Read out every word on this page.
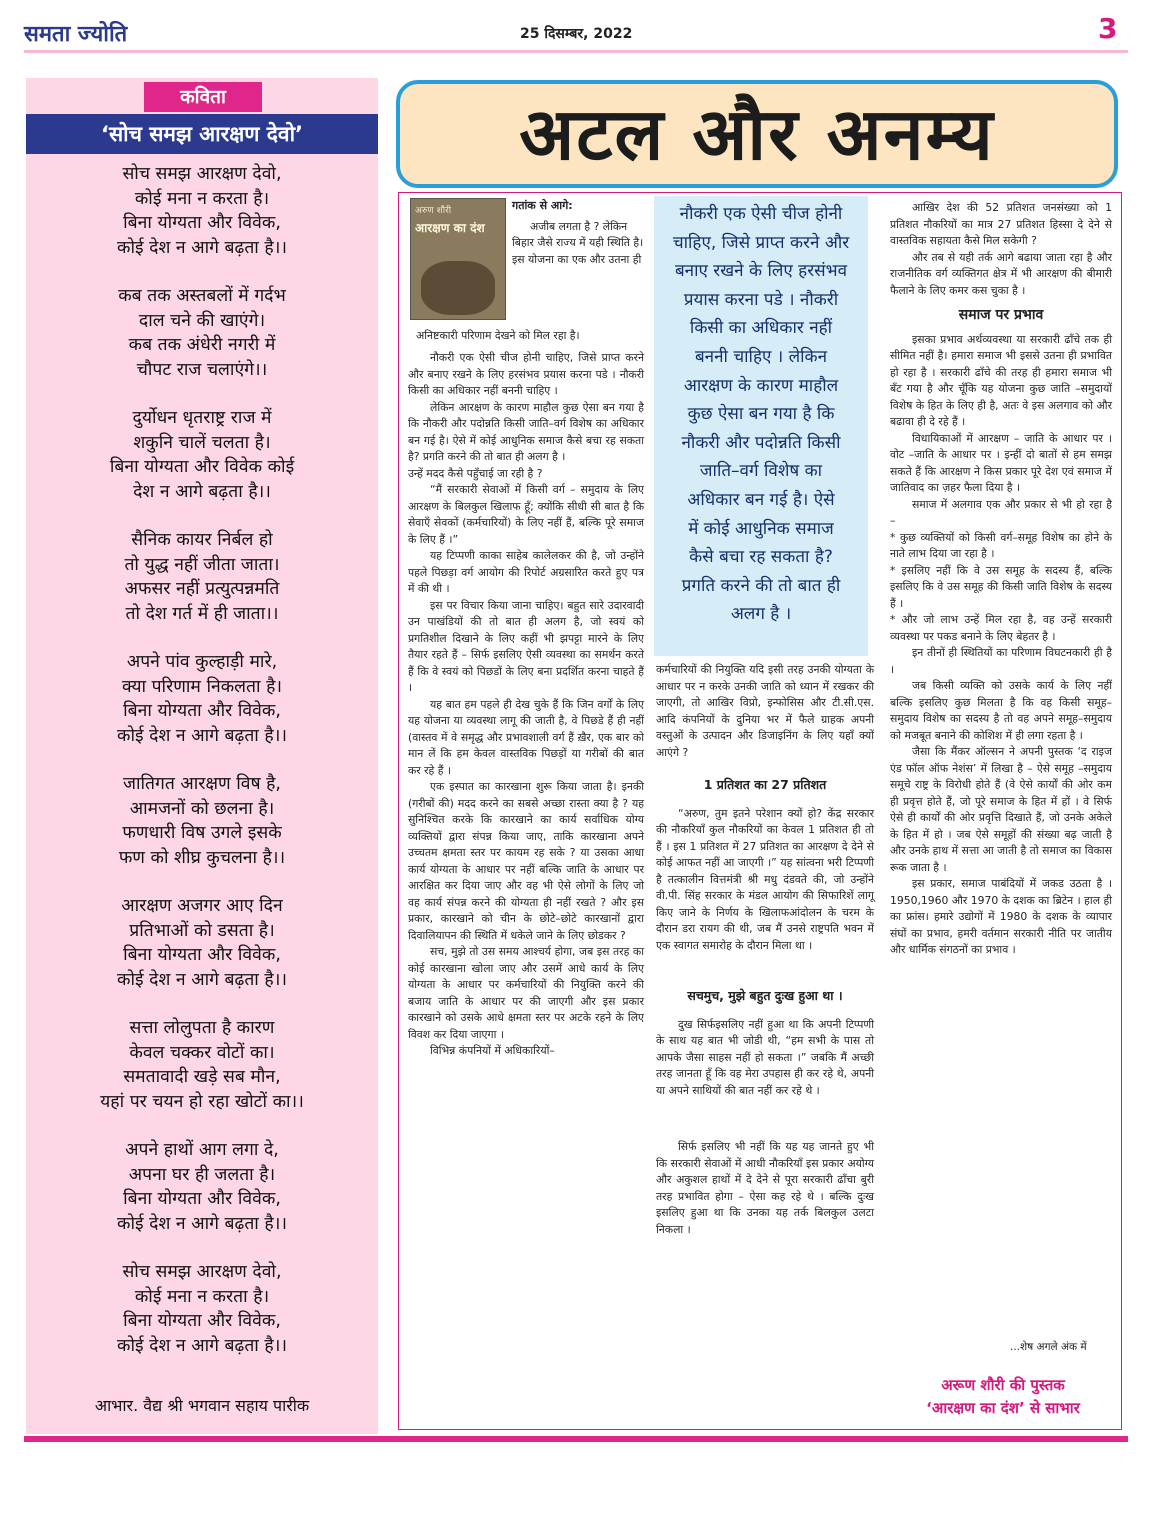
समता ज्योति	25 दिसम्बर, 2022	3
कविता
‘सोच समझ आरक्षण देवो’
सोच समझ आरक्षण देवो,
कोई मना न करता है।
बिना योग्यता और विवेक,
कोई देश न आगे बढ़ता है।।
कब तक अस्तबलों में गर्दभ
दाल चने की खाएंगे।
कब तक अंधेरी नगरी में
चौपट राज चलाएंगे।।
दुर्योधन धृतराष्ट्र राज में
शकुनि चालें चलता है।
बिना योग्यता और विवेक कोई
देश न आगे बढ़ता है।।
सैनिक कायर निर्बल हो
तो युद्ध नहीं जीता जाता।
अफसर नहीं प्रत्युत्पन्नमति
तो देश गर्त में ही जाता।।
अपने पांव कुल्हाड़ी मारे,
क्या परिणाम निकलता है।
बिना योग्यता और विवेक,
कोई देश न आगे बढ़ता है।।
जातिगत आरक्षण विष है,
आमजनों को छलना है।
फणधारी विष उगले इसके
फण को शीघ्र कुचलना है।।
आरक्षण अजगर आए दिन
प्रतिभाओं को डसता है।
बिना योग्यता और विवेक,
कोई देश न आगे बढ़ता है।।
सत्ता लोलुपता है कारण
केवल चक्कर वोटों का।
समतावादी खड़े सब मौन,
यहां पर चयन हो रहा खोटों का।।
अपने हाथों आग लगा दे,
अपना घर ही जलता है।
बिना योग्यता और विवेक,
कोई देश न आगे बढ़ता है।।
सोच समझ आरक्षण देवो,
कोई मना न करता है।
बिना योग्यता और विवेक,
कोई देश न आगे बढ़ता है।।
आभार. वैद्य श्री भगवान सहाय पारीक
अटल और अनम्य
अरुण शौरी
आरक्षण का दंश
गतांक से आगे:

अजीब लगता है ? लेकिन बिहार जैसे राज्य में यही स्थिति है। इस योजना का एक और उतना ही

अनिष्टकारी परिणाम देखने को मिल रहा है।

नौकरी एक ऐसी चीज होनी चाहिए, जिसे प्राप्त करने और बनाए रखने के लिए हरसंभव प्रयास करना पडे । नौकरी किसी का अधिकार नहीं बननी चाहिए ।

लेकिन आरक्षण के कारण माहौल कुछ ऐसा बन गया है कि नौकरी और पदोन्नति किसी जाति–वर्ग विशेष का अधिकार बन गई है। ऐसे में कोई आधुनिक समाज कैसे बचा रह सकता है? प्रगति करने की तो बात ही अलग है ।

उन्हें मदद कैसे पहुँचाई जा रही है ?

“मैं सरकारी सेवाओं में किसी वर्ग – समुदाय के लिए आरक्षण के बिलकुल खिलाफ हूँ; क्योंकि सीधी सी बात है कि सेवाएँ सेवकों (कर्मचारियों) के लिए नहीं हैं, बल्कि पूरे समाज के लिए हैं ।”

यह टिप्पणी काका साहेब कालेलकर की है, जो उन्होंने पहले पिछड़ा वर्ग आयोग की रिपोर्ट अग्रसारित करते हुए पत्र में की थी ।

इस पर विचार किया जाना चाहिए। बहुत सारे उदारवादी उन पाखंडियों की तो बात ही अलग है, जो स्वयं को प्रगतिशील दिखाने के लिए कहीं भी झपट्टा मारने के लिए तैयार रहते हैं – सिर्फ इसलिए ऐसी व्यवस्था का समर्थन करते हैं कि वे स्वयं को पिछडों के लिए बना प्रदर्शित करना चाहते हैं ।

यह बात हम पहले ही देख चुके हैं कि जिन वर्गों के लिए यह योजना या व्यवस्था लागू की जाती है, वे पिछडे हैं ही नहीं (वास्तव में वे समृद्ध और प्रभावशाली वर्ग हैं ख़ैर, एक बार को मान लें कि हम केवल वास्तविक पिछड़ों या गरीबों की बात कर रहे हैं ।

एक इस्पात का कारखाना शुरू किया जाता है। इनकी (गरीबों की) मदद करने का सबसे अच्छा रास्ता क्या है ? यह सुनिश्चित करके कि कारखाने का कार्य सर्वाधिक योग्य व्यक्तियों द्वारा संपन्न किया जाए, ताकि कारखाना अपने उच्चतम क्षमता स्तर पर कायम रह सके ? या उसका आधा कार्य योग्यता के आधार पर नहीं बल्कि जाति के आधार पर आरक्षित कर दिया जाए और वह भी ऐसे लोगों के लिए जो वह कार्य संपन्न करने की योग्यता ही नहीं रखते ? और इस प्रकार, कारखाने को चीन के छोटे–छोटे कारखानों द्वारा दिवालियापन की स्थिति में धकेले जाने के लिए छोडकर ?

सच, मुझे तो उस समय आश्चर्य होगा, जब इस तरह का कोई कारखाना खोला जाए और उसमें आधे कार्य के लिए योग्यता के आधार पर कर्मचारियों की नियुक्ति करने की बजाय जाति के आधार पर की जाएगी और इस प्रकार कारखाने को उसके आधे क्षमता स्तर पर अटके रहने के लिए विवश कर दिया जाएगा ।

विभिन्न कंपनियों में अधिकारियों–

नौकरी एक ऐसी चीज होनी
चाहिए, जिसे प्राप्त करने और
बनाए रखने के लिए हरसंभव
प्रयास करना पडे । नौकरी
किसी का अधिकार नहीं
बननी चाहिए । लेकिन
आरक्षण के कारण माहौल
कुछ ऐसा बन गया है कि
नौकरी और पदोन्नति किसी
जाति–वर्ग विशेष का
अधिकार बन गई है। ऐसे
में कोई आधुनिक समाज
कैसे बचा रह सकता है?
प्रगति करने की तो बात ही
अलग है ।

कर्मचारियों की नियुक्ति यदि इसी तरह उनकी योग्यता के आधार पर न करके उनकी जाति को ध्यान में रखकर की जाएगी, तो आखिर विप्रो, इन्फोसिस और टी.सी.एस. आदि कंपनियों के दुनिया भर में फैले ग्राहक अपनी वस्तुओं के उत्पादन और डिजाइनिंग के लिए यहाँ क्यों आएंगे ?

1 प्रतिशत का 27 प्रतिशत

“अरुण, तुम इतने परेशान क्यों हो? केंद्र सरकार की नौकरियाँ कुल नौकरियों का केवल 1 प्रतिशत ही तो हैं । इस 1 प्रतिशत में 27 प्रतिशत का आरक्षण दे देने से कोई आफत नहीं आ जाएगी ।” यह सांत्वना भरी टिप्पणी है तत्कालीन वित्तमंत्री श्री मधु दंडवते की, जो उन्होंने वी.पी. सिंह सरकार के मंडल आयोग की सिफारिशें लागू किए जाने के निर्णय के खिलाफआंदोलन के चरम के दौरान डरा रायग की थी, जब मैं उनसे राष्ट्रपति भवन में एक स्वागत समारोह के दौरान मिला था ।

सचमुच, मुझे बहुत दुःख हुआ था ।

दुख सिर्फइसलिए नहीं हुआ था कि अपनी टिप्पणी के साथ यह बात भी जोडी थी, “हम सभी के पास तो आपके जैसा साहस नहीं हो सकता ।” जबकि मैं अच्छी तरह जानता हूँ कि वह मेरा उपहास ही कर रहे थे, अपनी या अपने साथियों की बात नहीं कर रहे थे ।

सिर्फ इसलिए भी नहीं कि यह यह जानते हुए भी कि सरकारी सेवाओं में आधी नौकरियाँ इस प्रकार अयोग्य और अकुशल हाथों में दे देने से पूरा सरकारी ढाँचा बुरी तरह प्रभावित होगा – ऐसा कह रहे थे । बल्कि दुःख इसलिए हुआ था कि उनका यह तर्क बिलकुल उलटा निकला ।

आखिर देश की 52 प्रतिशत जनसंख्या को 1 प्रतिशत नौकरियों का मात्र 27 प्रतिशत हिस्सा दे देने से वास्तविक सहायता कैसे मिल सकेगी ?

और तब से यही तर्क आगे बढाया जाता रहा है और राजनीतिक वर्ग व्यक्तिगत क्षेत्र में भी आरक्षण की बीमारी फैलाने के लिए कमर कस चुका है ।

समाज पर प्रभाव

इसका प्रभाव अर्थव्यवस्था या सरकारी ढाँचे तक ही सीमित नहीं है। हमारा समाज भी इससे उतना ही प्रभावित हो रहा है । सरकारी ढाँचे की तरह ही हमारा समाज भी बँट गया है और चूँकि यह योजना कुछ जाति –समुदायों विशेष के हित के लिए ही है, अतः वे इस अलगाव को और बढावा ही दे रहे हैं ।

विधायिकाओं में आरक्षण – जाति के आधार पर । वोट –जाति के आधार पर । इन्हीं दो बातों से हम समझ सकते हैं कि आरक्षण ने किस प्रकार पूरे देश एवं समाज में जातिवाद का ज़हर फैला दिया है ।

समाज में अलगाव एक और प्रकार से भी हो रहा है –

* कुछ व्यक्तियों को किसी वर्ग–समूह विशेष का होने के नाते लाभ दिया जा रहा है ।

* इसलिए नहीं कि वे उस समूह के सदस्य हैं, बल्कि इसलिए कि वे उस समूह की किसी जाति विशेष के सदस्य हैं ।

* और जो लाभ उन्हें मिल रहा है, वह उन्हें सरकारी व्यवस्था पर पकड बनाने के लिए बेहतर है ।

इन तीनों ही स्थितियों का परिणाम विघटनकारी ही है ।

जब किसी व्यक्ति को उसके कार्य के लिए नहीं बल्कि इसलिए कुछ मिलता है कि वह किसी समूह–समुदाय विशेष का सदस्य है तो वह अपने समूह–समुदाय को मजबूत बनाने की कोशिश में ही लगा रहता है ।

जैसा कि मैंकर ऑल्सन ने अपनी पुस्तक ‘द राइज एंड फॉल ऑफ नेशंस’ में लिखा है – ऐसे समूह –समुदाय समूचे राष्ट्र के विरोधी होते हैं (वे ऐसे कार्यों की ओर कम ही प्रवृत्त होते हैं, जो पूरे समाज के हित में हों । वे सिर्फ ऐसे ही कार्यों की ओर प्रवृत्ति दिखाते हैं, जो उनके अकेले के हित में हो । जब ऐसे समूहों की संख्या बढ़ जाती है और उनके हाथ में सत्ता आ जाती है तो समाज का विकास रूक जाता है ।

इस प्रकार, समाज पाबंदियों में जकड उठता है । 1950,1960 और 1970 के दशक का ब्रिटेन । हाल ही का फ्रांस। हमारे उद्योगों में 1980 के दशक के व्यापार संघों का प्रभाव, हमरी वर्तमान सरकारी नीति पर जातीय और धार्मिक संगठनों का प्रभाव ।

...शेष अगले अंक में
अरूण शौरी की पुस्तक
‘आरक्षण का दंश’ से साभार
